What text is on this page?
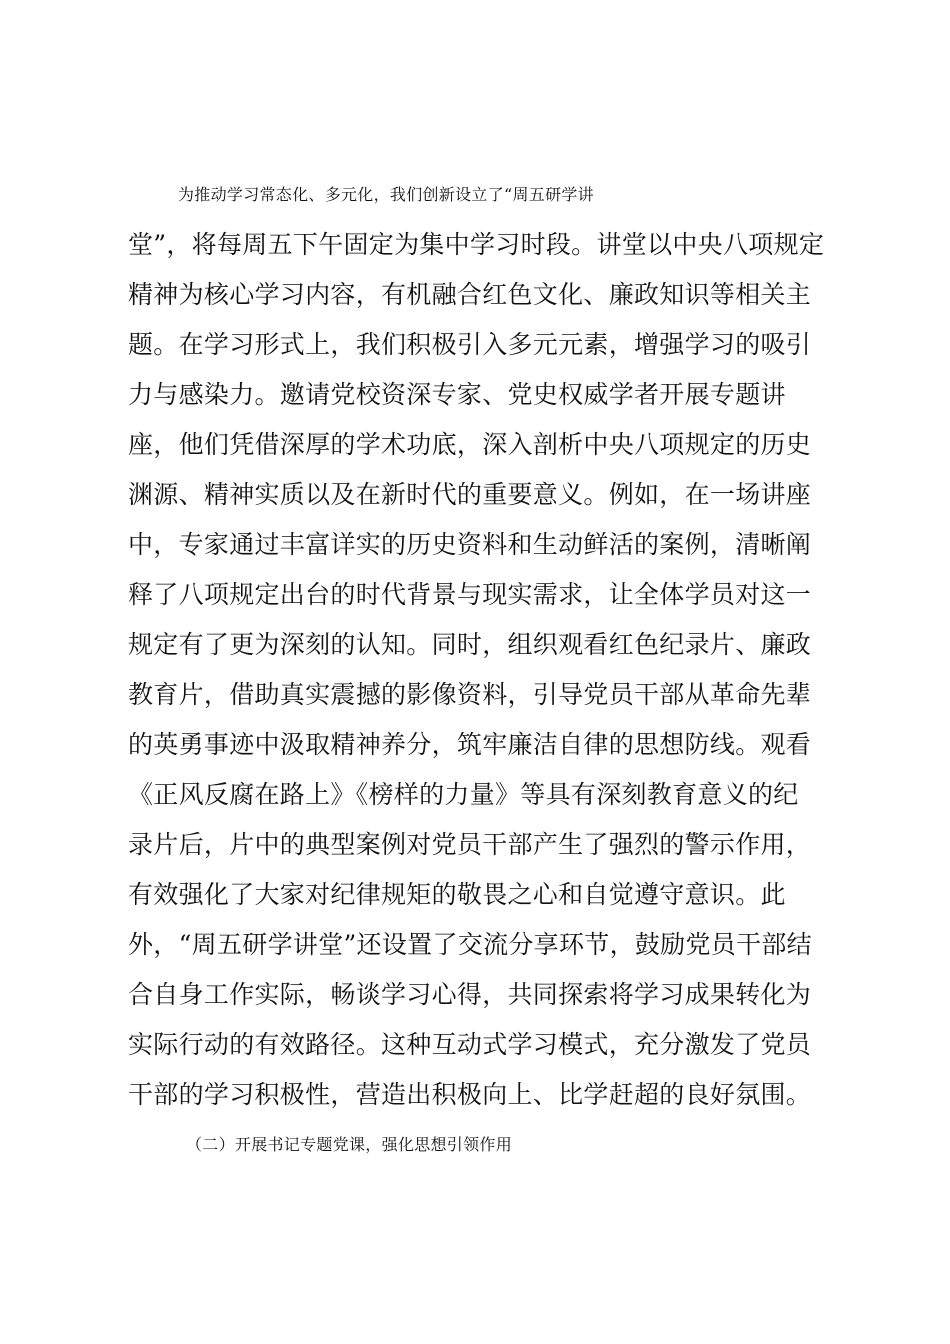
为推动学习常态化、多元化，我们创新设立了“周五研学讲
堂”，将每周五下午固定为集中学习时段。讲堂以中央八项规定
精神为核心学习内容，有机融合红色文化、廉政知识等相关主
题。在学习形式上，我们积极引入多元元素，增强学习的吸引
力与感染力。邀请党校资深专家、党史权威学者开展专题讲
座，他们凭借深厚的学术功底，深入剖析中央八项规定的历史
渊源、精神实质以及在新时代的重要意义。例如，在一场讲座
中，专家通过丰富详实的历史资料和生动鲜活的案例，清晰阐
释了八项规定出台的时代背景与现实需求，让全体学员对这一
规定有了更为深刻的认知。同时，组织观看红色纪录片、廉政
教育片，借助真实震撼的影像资料，引导党员干部从革命先辈
的英勇事迹中汲取精神养分，筑牢廉洁自律的思想防线。观看
《正风反腐在路上》《榜样的力量》等具有深刻教育意义的纪
录片后，片中的典型案例对党员干部产生了强烈的警示作用，
有效强化了大家对纪律规矩的敬畏之心和自觉遵守意识。此
外，“周五研学讲堂”还设置了交流分享环节，鼓励党员干部结
合自身工作实际，畅谈学习心得，共同探索将学习成果转化为
实际行动的有效路径。这种互动式学习模式，充分激发了党员
干部的学习积极性，营造出积极向上、比学赶超的良好氛围。
（二）开展书记专题党课，强化思想引领作用
